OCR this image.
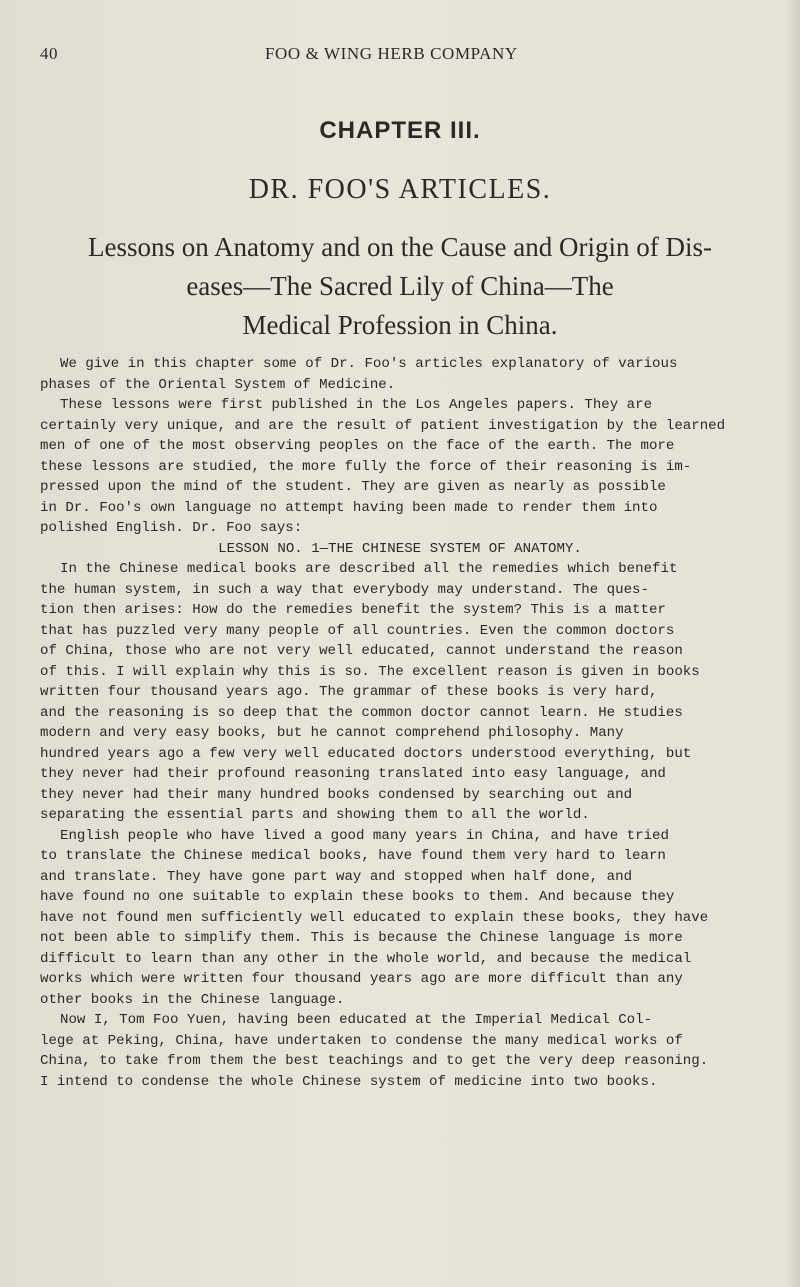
40	FOO & WING HERB COMPANY
CHAPTER III.
DR. FOO'S ARTICLES.
Lessons on Anatomy and on the Cause and Origin of Dis-
eases—The Sacred Lily of China—The
Medical Profession in China.
We give in this chapter some of Dr. Foo's articles explanatory of various
phases of the Oriental System of Medicine.
These lessons were first published in the Los Angeles papers. They are
certainly very unique, and are the result of patient investigation by the learned
men of one of the most observing peoples on the face of the earth. The more
these lessons are studied, the more fully the force of their reasoning is im-
pressed upon the mind of the student. They are given as nearly as possible
in Dr. Foo's own language no attempt having been made to render them into
polished English. Dr. Foo says:
LESSON NO. 1—THE CHINESE SYSTEM OF ANATOMY.
In the Chinese medical books are described all the remedies which benefit
the human system, in such a way that everybody may understand. The ques-
tion then arises: How do the remedies benefit the system? This is a matter
that has puzzled very many people of all countries. Even the common doctors
of China, those who are not very well educated, cannot understand the reason
of this. I will explain why this is so. The excellent reason is given in books
written four thousand years ago. The grammar of these books is very hard,
and the reasoning is so deep that the common doctor cannot learn. He studies
modern and very easy books, but he cannot comprehend philosophy. Many
hundred years ago a few very well educated doctors understood everything, but
they never had their profound reasoning translated into easy language, and
they never had their many hundred books condensed by searching out and
separating the essential parts and showing them to all the world.
English people who have lived a good many years in China, and have tried
to translate the Chinese medical books, have found them very hard to learn
and translate. They have gone part way and stopped when half done, and
have found no one suitable to explain these books to them. And because they
have not found men sufficiently well educated to explain these books, they have
not been able to simplify them. This is because the Chinese language is more
difficult to learn than any other in the whole world, and because the medical
works which were written four thousand years ago are more difficult than any
other books in the Chinese language.
Now I, Tom Foo Yuen, having been educated at the Imperial Medical Col-
lege at Peking, China, have undertaken to condense the many medical works of
China, to take from them the best teachings and to get the very deep reasoning.
I intend to condense the whole Chinese system of medicine into two books.
